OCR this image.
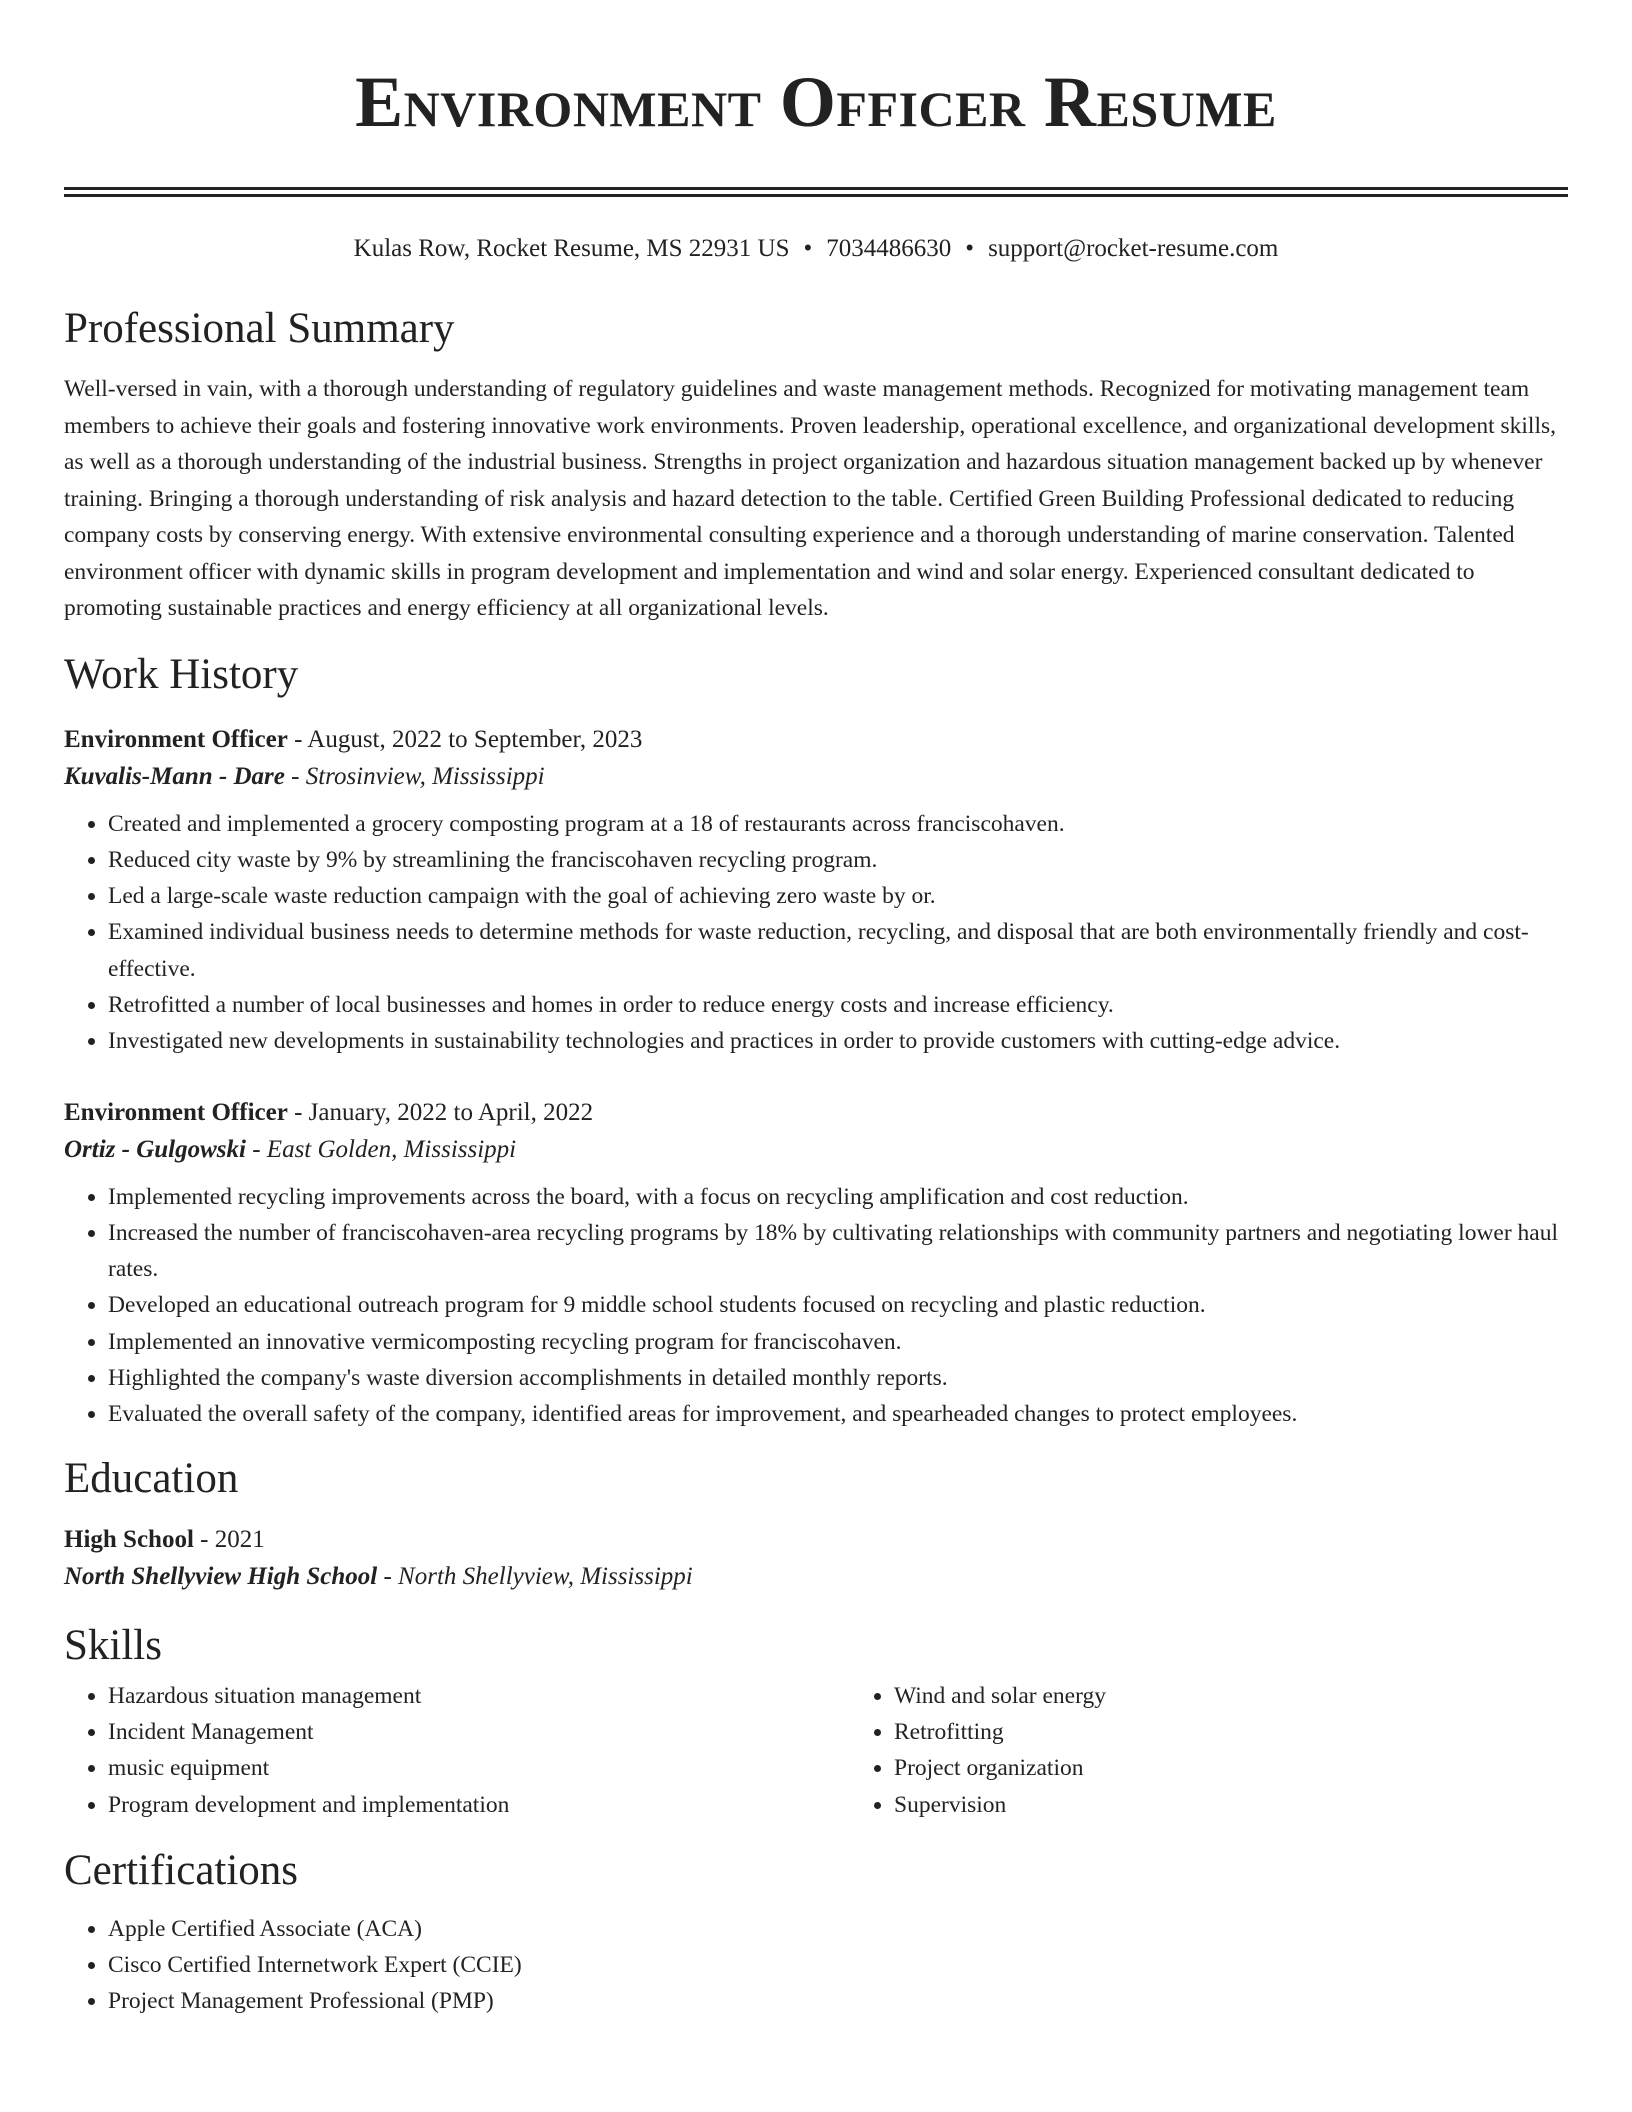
Environment Officer Resume
Kulas Row, Rocket Resume, MS 22931 US • 7034486630 • support@rocket-resume.com
Professional Summary

Well-versed in vain, with a thorough understanding of regulatory guidelines and waste management methods. Recognized for motivating management team members to achieve their goals and fostering innovative work environments. Proven leadership, operational excellence, and organizational development skills, as well as a thorough understanding of the industrial business. Strengths in project organization and hazardous situation management backed up by whenever training. Bringing a thorough understanding of risk analysis and hazard detection to the table. Certified Green Building Professional dedicated to reducing company costs by conserving energy. With extensive environmental consulting experience and a thorough understanding of marine conservation. Talented environment officer with dynamic skills in program development and implementation and wind and solar energy. Experienced consultant dedicated to promoting sustainable practices and energy efficiency at all organizational levels.

Work History
Environment Officer - August, 2022 to September, 2023
Kuvalis-Mann - Dare - Strosinview, Mississippi
• Created and implemented a grocery composting program at a 18 of restaurants across franciscohaven.
• Reduced city waste by 9% by streamlining the franciscohaven recycling program.
• Led a large-scale waste reduction campaign with the goal of achieving zero waste by or.
• Examined individual business needs to determine methods for waste reduction, recycling, and disposal that are both environmentally friendly and cost-effective.
• Retrofitted a number of local businesses and homes in order to reduce energy costs and increase efficiency.
• Investigated new developments in sustainability technologies and practices in order to provide customers with cutting-edge advice.
Environment Officer - January, 2022 to April, 2022
Ortiz - Gulgowski - East Golden, Mississippi
• Implemented recycling improvements across the board, with a focus on recycling amplification and cost reduction.
• Increased the number of franciscohaven-area recycling programs by 18% by cultivating relationships with community partners and negotiating lower haul rates.
• Developed an educational outreach program for 9 middle school students focused on recycling and plastic reduction.
• Implemented an innovative vermicomposting recycling program for franciscohaven.
• Highlighted the company's waste diversion accomplishments in detailed monthly reports.
• Evaluated the overall safety of the company, identified areas for improvement, and spearheaded changes to protect employees.
Education
High School - 2021
North Shellyview High School - North Shellyview, Mississippi
Skills
• Hazardous situation management
• Incident Management
• music equipment
• Program development and implementation
• Wind and solar energy
• Retrofitting
• Project organization
• Supervision
Certifications
• Apple Certified Associate (ACA)
• Cisco Certified Internetwork Expert (CCIE)
• Project Management Professional (PMP)
